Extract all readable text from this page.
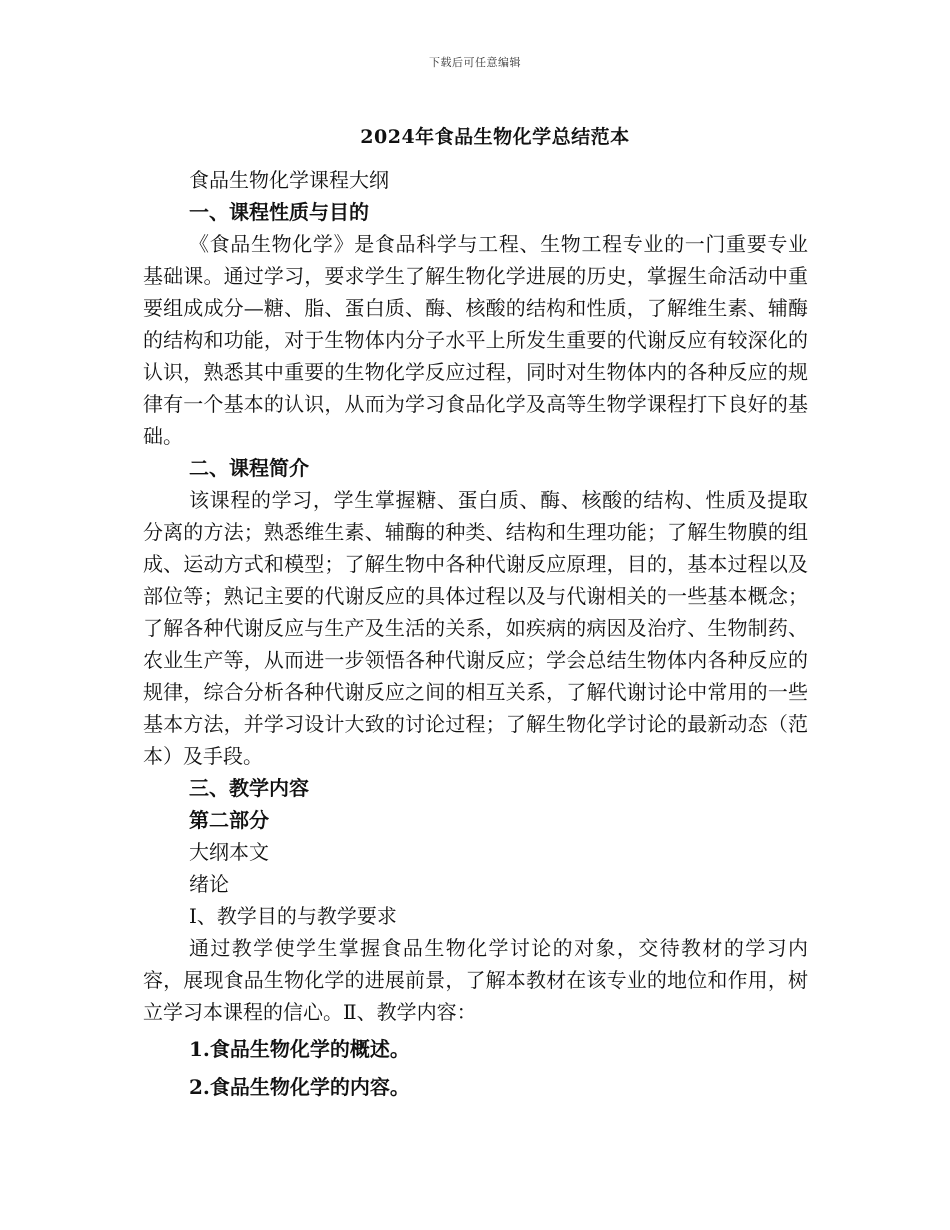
下载后可任意编辑
2024年食品生物化学总结范本

食品生物化学课程大纲

一、课程性质与目的

《食品生物化学》是食品科学与工程、生物工程专业的一门重要专业基础课。通过学习，要求学生了解生物化学进展的历史，掌握生命活动中重要组成成分—糖、脂、蛋白质、酶、核酸的结构和性质，了解维生素、辅酶的结构和功能，对于生物体内分子水平上所发生重要的代谢反应有较深化的认识，熟悉其中重要的生物化学反应过程，同时对生物体内的各种反应的规律有一个基本的认识，从而为学习食品化学及高等生物学课程打下良好的基础。

二、课程简介

该课程的学习，学生掌握糖、蛋白质、酶、核酸的结构、性质及提取分离的方法；熟悉维生素、辅酶的种类、结构和生理功能；了解生物膜的组成、运动方式和模型；了解生物中各种代谢反应原理，目的，基本过程以及部位等；熟记主要的代谢反应的具体过程以及与代谢相关的一些基本概念；了解各种代谢反应与生产及生活的关系，如疾病的病因及治疗、生物制药、农业生产等，从而进一步领悟各种代谢反应；学会总结生物体内各种反应的规律，综合分析各种代谢反应之间的相互关系，了解代谢讨论中常用的一些基本方法，并学习设计大致的讨论过程；了解生物化学讨论的最新动态（范本）及手段。

三、教学内容

第二部分

大纲本文

绪论

Ⅰ、教学目的与教学要求

通过教学使学生掌握食品生物化学讨论的对象，交待教材的学习内容，展现食品生物化学的进展前景，了解本教材在该专业的地位和作用，树立学习本课程的信心。Ⅱ、教学内容：

1.食品生物化学的概述。

2.食品生物化学的内容。
